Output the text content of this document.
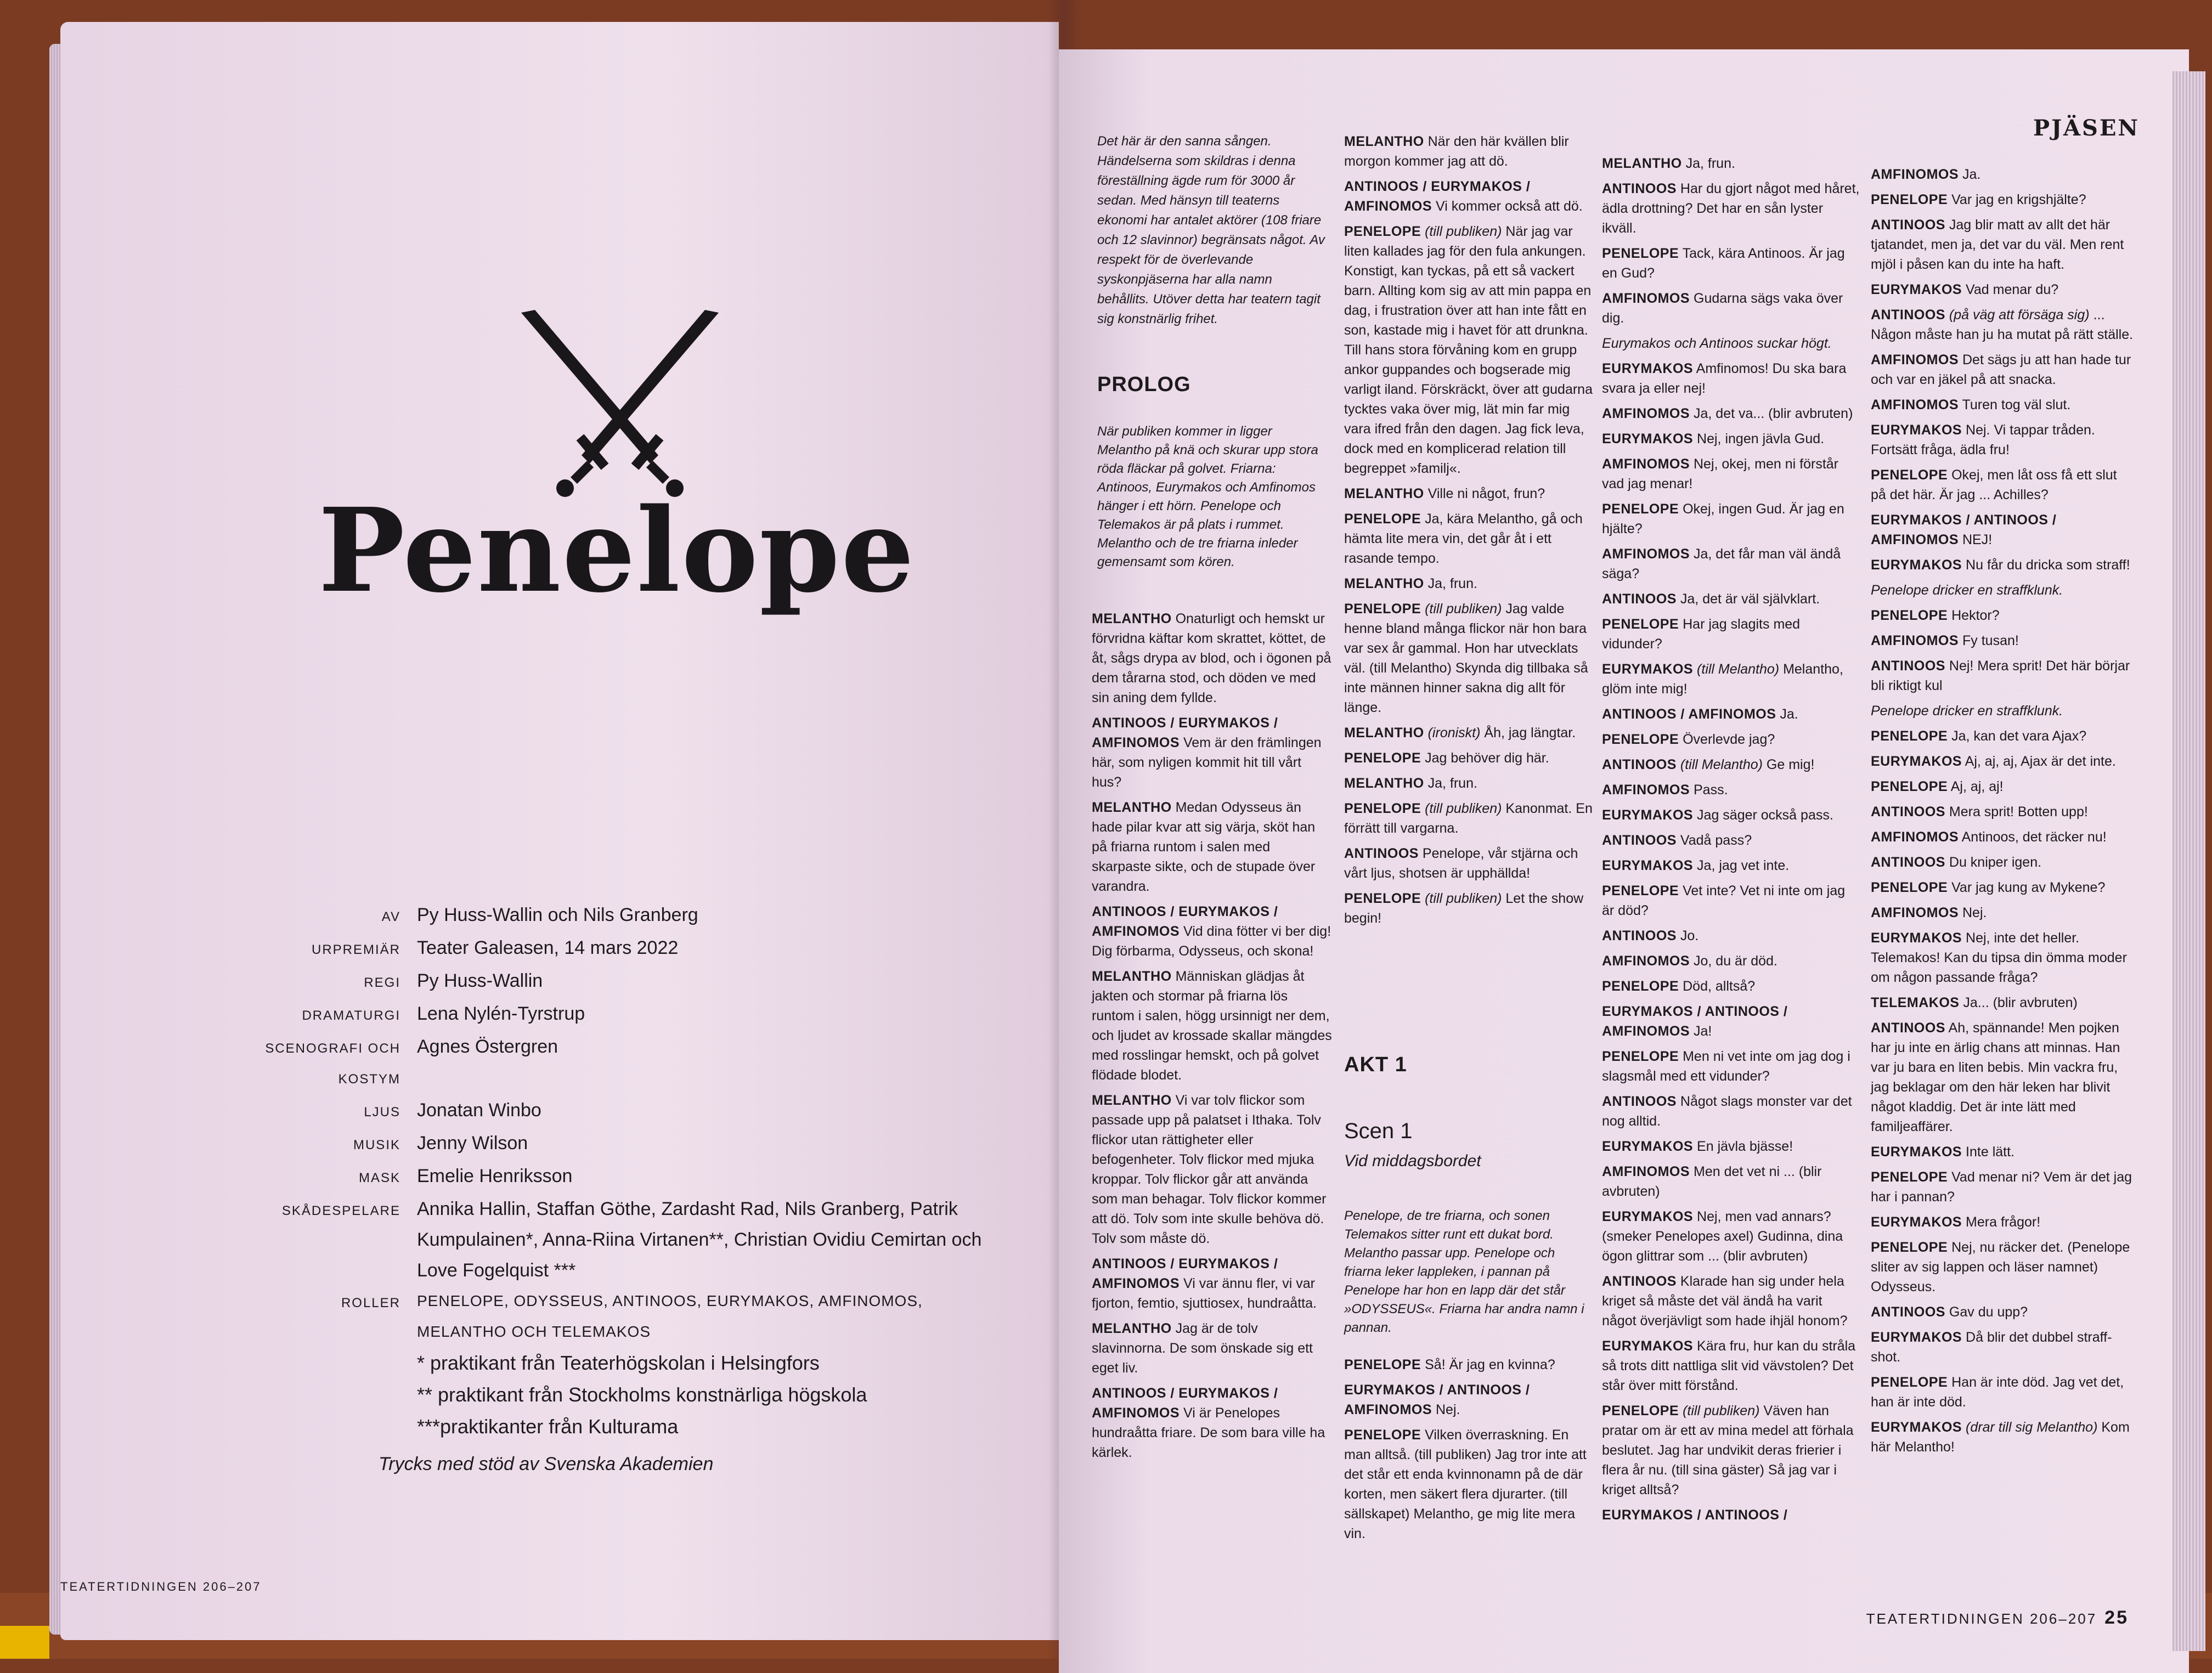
Penelope
AV Py Huss-Wallin och Nils Granberg
URPREMIÄR Teater Galeasen, 14 mars 2022
REGI Py Huss-Wallin
DRAMATURGI Lena Nylén-Tyrstrup
SCENOGRAFI OCH KOSTYM
Agnes Östergren
LJUS Jonatan Winbo
MUSIK Jenny Wilson
MASK Emelie Henriksson
SKÅDESPELARE Annika Hallin, Staffan Göthe, Zardasht Rad, Nils Granberg, Patrik Kumpulainen*, Anna-Riina Virtanen**, Christian Ovidiu Cemirtan och Love Fogelquist ***
ROLLER	PENELOPE, ODYSSEUS, ANTINOOS, EURYMAKOS, AMFINOMOS, MELANTHO OCH TELEMAKOS
* praktikant från Teaterhögskolan i Helsingfors
** praktikant från Stockholms konstnärliga högskola
***praktikanter från Kulturama
Trycks med stöd av Svenska Akademien
TEATERTIDNINGEN 206–207
PJÄSEN
Det här är den sanna sången. Händelserna som skildras i denna föreställning ägde rum för 3000 år sedan. Med hänsyn till teaterns ekonomi har antalet aktörer (108 friare och 12 slavinnor) begränsats något. Av respekt för de överlevande syskonpjäserna har alla namn behållits. Utöver detta har teatern tagit sig konstnärlig frihet.
PROLOG
När publiken kommer in ligger Melantho på knä och skurar upp stora röda fläckar på golvet. Friarna: Antinoos, Eurymakos och Amfinomos hänger i ett hörn. Penelope och Telemakos är på plats i rummet. Melantho och de tre friarna inleder gemensamt som kören.
MELANTHO Onaturligt och hemskt ur förvridna käftar kom skrattet, köttet, de åt, sågs drypa av blod, och i ögonen på dem tårarna stod, och döden ve med sin aning dem fyllde.
ANTINOOS / EURYMAKOS / AMFINOMOS Vem är den främlingen här, som nyligen kommit hit till vårt hus?
MELANTHO Medan Odysseus än hade pilar kvar att sig värja, sköt han på friarna runtom i salen med skarpaste sikte, och de stupade över varandra.
ANTINOOS / EURYMAKOS / AMFINOMOS Vid dina fötter vi ber dig! Dig förbarma, Odysseus, och skona!
MELANTHO Människan glädjas åt jakten och stormar på friarna lös runtom i salen, högg ursinnigt ner dem, och ljudet av krossade skallar mängdes med rosslingar hemskt, och på golvet flödade blodet.
MELANTHO Vi var tolv flickor som passade upp på palatset i Ithaka. Tolv flickor utan rättigheter eller befogenheter. Tolv flickor med mjuka kroppar. Tolv flickor går att använda som man behagar. Tolv flickor kommer att dö. Tolv som inte skulle behöva dö. Tolv som måste dö.
ANTINOOS / EURYMAKOS / AMFINOMOS Vi var ännu fler, vi var fjorton, femtio, sjuttiosex, hundraåtta.
MELANTHO Jag är de tolv slavinnorna. De som önskade sig ett eget liv.
ANTINOOS / EURYMAKOS / AMFINOMOS Vi är Penelopes hundraåtta friare. De som bara ville ha kärlek.
MELANTHO När den här kvällen blir morgon kommer jag att dö.
ANTINOOS / EURYMAKOS / AMFINOMOS Vi kommer också att dö.
PENELOPE (till publiken) När jag var liten kallades jag för den fula ankungen. Konstigt, kan tyckas, på ett så vackert barn. Allting kom sig av att min pappa en dag, i frustration över att han inte fått en son, kastade mig i havet för att drunkna. Till hans stora förvåning kom en grupp ankor guppandes och bogserade mig varligt iland. Förskräckt, över att gudarna tycktes vaka över mig, lät min far mig vara ifred från den dagen. Jag fick leva, dock med en komplicerad relation till begreppet »familj«.
MELANTHO Ville ni något, frun?
PENELOPE Ja, kära Melantho, gå och hämta lite mera vin, det går åt i ett rasande tempo.
MELANTHO Ja, frun.
PENELOPE (till publiken) Jag valde henne bland många flickor när hon bara var sex år gammal. Hon har utvecklats väl. (till Melantho) Skynda dig tillbaka så inte männen hinner sakna dig allt för länge.
MELANTHO (ironiskt) Åh, jag längtar.
PENELOPE Jag behöver dig här.
MELANTHO Ja, frun.
PENELOPE (till publiken) Kanonmat. En förrätt till vargarna.
ANTINOOS Penelope, vår stjärna och vårt ljus, shotsen är upphällda!
PENELOPE (till publiken) Let the show begin!
AKT 1
Scen 1
Vid middagsbordet
Penelope, de tre friarna, och sonen Telemakos sitter runt ett dukat bord. Melantho passar upp. Penelope och friarna leker lappleken, i pannan på Penelope har hon en lapp där det står »ODYSSEUS«. Friarna har andra namn i pannan.
PENELOPE Så! Är jag en kvinna?
EURYMAKOS / ANTINOOS / AMFINOMOS Nej.
PENELOPE Vilken överraskning. En man alltså. (till publiken) Jag tror inte att det står ett enda kvinnonamn på de där korten, men säkert flera djurarter. (till sällskapet) Melantho, ge mig lite mera vin.
MELANTHO Ja, frun.
ANTINOOS Har du gjort något med håret, ädla drottning? Det har en sån lyster ikväll.
PENELOPE Tack, kära Antinoos. Är jag en Gud?
AMFINOMOS Gudarna sägs vaka över dig.
Eurymakos och Antinoos suckar högt.
EURYMAKOS Amfinomos! Du ska bara svara ja eller nej!
AMFINOMOS Ja, det va... (blir avbruten)
EURYMAKOS Nej, ingen jävla Gud.
AMFINOMOS Nej, okej, men ni förstår vad jag menar!
PENELOPE Okej, ingen Gud. Är jag en hjälte?
AMFINOMOS Ja, det får man väl ändå säga?
ANTINOOS Ja, det är väl självklart.
PENELOPE Har jag slagits med vidunder?
EURYMAKOS (till Melantho) Melantho, glöm inte mig!
ANTINOOS / AMFINOMOS Ja.
PENELOPE Överlevde jag?
ANTINOOS (till Melantho) Ge mig!
AMFINOMOS Pass.
EURYMAKOS Jag säger också pass.
ANTINOOS Vadå pass?
EURYMAKOS Ja, jag vet inte.
PENELOPE Vet inte? Vet ni inte om jag är död?
ANTINOOS Jo.
AMFINOMOS Jo, du är död.
PENELOPE Död, alltså?
EURYMAKOS / ANTINOOS / AMFINOMOS Ja!
PENELOPE Men ni vet inte om jag dog i slagsmål med ett vidunder?
ANTINOOS Något slags monster var det nog alltid.
EURYMAKOS En jävla bjässe!
AMFINOMOS Men det vet ni ... (blir avbruten)
EURYMAKOS Nej, men vad annars? (smeker Penelopes axel) Gudinna, dina ögon glittrar som ... (blir avbruten)
ANTINOOS Klarade han sig under hela kriget så måste det väl ändå ha varit något överjävligt som hade ihjäl honom?
EURYMAKOS Kära fru, hur kan du stråla så trots ditt nattliga slit vid vävstolen? Det står över mitt förstånd.
PENELOPE (till publiken) Väven han pratar om är ett av mina medel att förhala beslutet. Jag har undvikit deras frierier i flera år nu. (till sina gäster) Så jag var i kriget alltså?
EURYMAKOS / ANTINOOS /
AMFINOMOS Ja.
PENELOPE Var jag en krigshjälte?
ANTINOOS Jag blir matt av allt det här tjatandet, men ja, det var du väl. Men rent mjöl i påsen kan du inte ha haft.
EURYMAKOS Vad menar du?
ANTINOOS (på väg att försäga sig) ... Någon måste han ju ha mutat på rätt ställe.
AMFINOMOS Det sägs ju att han hade tur och var en jäkel på att snacka.
AMFINOMOS Turen tog väl slut.
EURYMAKOS Nej. Vi tappar tråden. Fortsätt fråga, ädla fru!
PENELOPE Okej, men låt oss få ett slut på det här. Är jag ... Achilles?
EURYMAKOS / ANTINOOS / AMFINOMOS NEJ!
EURYMAKOS Nu får du dricka som straff!
Penelope dricker en straffklunk.
PENELOPE Hektor?
AMFINOMOS Fy tusan!
ANTINOOS Nej! Mera sprit! Det här börjar bli riktigt kul
Penelope dricker en straffklunk.
PENELOPE Ja, kan det vara Ajax?
EURYMAKOS Aj, aj, aj, Ajax är det inte.
PENELOPE Aj, aj, aj!
ANTINOOS Mera sprit! Botten upp!
AMFINOMOS Antinoos, det räcker nu!
ANTINOOS Du kniper igen.
PENELOPE Var jag kung av Mykene?
AMFINOMOS Nej.
EURYMAKOS Nej, inte det heller. Telemakos! Kan du tipsa din ömma moder om någon passande fråga?
TELEMAKOS Ja... (blir avbruten)
ANTINOOS Ah, spännande! Men pojken har ju inte en ärlig chans att minnas. Han var ju bara en liten bebis. Min vackra fru, jag beklagar om den här leken har blivit något kladdig. Det är inte lätt med familjeaffärer.
EURYMAKOS Inte lätt.
PENELOPE Vad menar ni? Vem är det jag har i pannan?
EURYMAKOS Mera frågor!
PENELOPE Nej, nu räcker det. (Penelope sliter av sig lappen och läser namnet) Odysseus.
ANTINOOS Gav du upp?
EURYMAKOS Då blir det dubbel straff-shot.
PENELOPE Han är inte död. Jag vet det, han är inte död.
EURYMAKOS (drar till sig Melantho) Kom här Melantho!
TEATERTIDNINGEN 206–207 25
